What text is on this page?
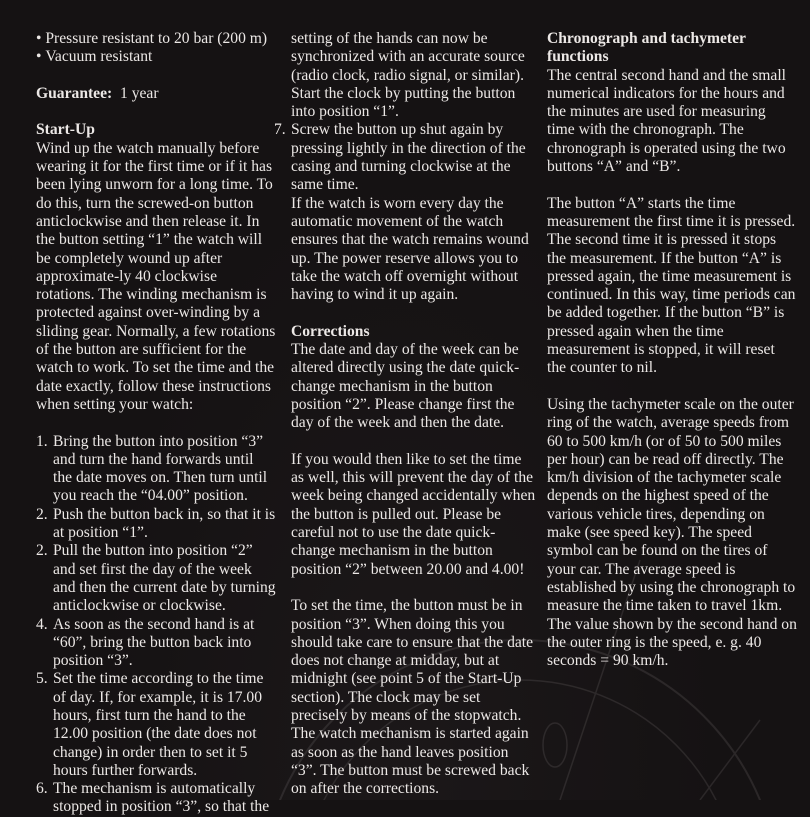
• Pressure resistant to 20 bar (200 m)
• Vacuum resistant

Guarantee: 1 year

Start-Up

Wind up the watch manually before wearing it for the first time or if it has been lying unworn for a long time. To do this, turn the screwed-on button anticlockwise and then release it. In the button setting “1” the watch will be completely wound up after approximate-ly 40 clockwise rotations. The winding mechanism is protected against over-winding by a sliding gear. Normally, a few rotations of the button are sufficient for the watch to work. To set the time and the date exactly, follow these instructions when setting your watch:

1. Bring the button into position “3” and turn the hand forwards until the date moves on. Then turn until you reach the “04.00” position.
2. Push the button back in, so that it is at position “1”.
2. Pull the button into position “2” and set first the day of the week and then the current date by turning anticlockwise or clockwise.
4. As soon as the second hand is at “60”, bring the button back into position “3”.
5. Set the time according to the time of day. If, for example, it is 17.00 hours, first turn the hand to the 12.00 position (the date does not change) in order then to set it 5 hours further forwards.
6. The mechanism is automatically stopped in position “3”, so that the
setting of the hands can now be synchronized with an accurate source (radio clock, radio signal, or similar). Start the clock by putting the button into position “1”.
7. Screw the button up shut again by pressing lightly in the direction of the casing and turning clockwise at the same time.

If the watch is worn every day the automatic movement of the watch ensures that the watch remains wound up. The power reserve allows you to take the watch off overnight without having to wind it up again.

Corrections

The date and day of the week can be altered directly using the date quick-change mechanism in the button position “2”. Please change first the day of the week and then the date.

If you would then like to set the time as well, this will prevent the day of the week being changed accidentally when the button is pulled out. Please be careful not to use the date quick-change mechanism in the button position “2” between 20.00 and 4.00!

To set the time, the button must be in position “3”. When doing this you should take care to ensure that the date does not change at midday, but at midnight (see point 5 of the Start-Up section). The clock may be set precisely by means of the stopwatch. The watch mechanism is started again as soon as the hand leaves position “3”. The button must be screwed back on after the corrections.

Chronograph and tachymeter functions

The central second hand and the small numerical indicators for the hours and the minutes are used for measuring time with the chronograph. The chronograph is operated using the two buttons “A” and “B”.

The button “A” starts the time measurement the first time it is pressed. The second time it is pressed it stops the measurement. If the button “A” is pressed again, the time measurement is continued. In this way, time periods can be added together. If the button “B” is pressed again when the time measurement is stopped, it will reset the counter to nil.

Using the tachymeter scale on the outer ring of the watch, average speeds from 60 to 500 km/h (or of 50 to 500 miles per hour) can be read off directly. The km/h division of the tachymeter scale depends on the highest speed of the various vehicle tires, depending on make (see speed key). The speed symbol can be found on the tires of your car. The average speed is established by using the chronograph to measure the time taken to travel 1km. The value shown by the second hand on the outer ring is the speed, e. g. 40 seconds = 90 km/h.
